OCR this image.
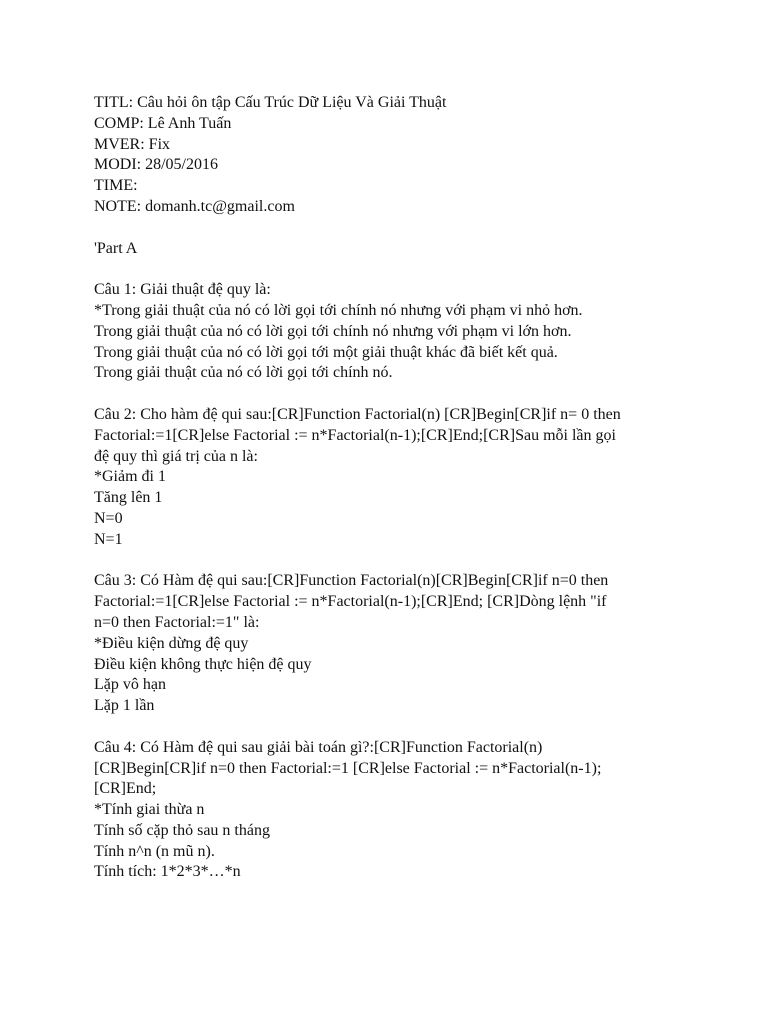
TITL: Câu hỏi ôn tập Cấu Trúc Dữ Liệu Và Giải Thuật
COMP: Lê Anh Tuấn
MVER: Fix
MODI: 28/05/2016
TIME:
NOTE: domanh.tc@gmail.com
'Part A
Câu 1: Giải thuật đệ quy là:
*Trong giải thuật của nó có lời gọi tới chính nó nhưng với phạm vi nhỏ hơn.
Trong giải thuật của nó có lời gọi tới chính nó nhưng với phạm vi lớn hơn.
Trong giải thuật của nó có lời gọi tới một giải thuật khác đã biết kết quả.
Trong giải thuật của nó có lời gọi tới chính nó.
Câu 2: Cho hàm đệ qui sau:[CR]Function Factorial(n) [CR]Begin[CR]if n= 0 then
Factorial:=1[CR]else Factorial := n*Factorial(n-1);[CR]End;[CR]Sau mỗi lần gọi
đệ quy thì giá trị của n là:
*Giảm đi 1
Tăng lên 1
N=0
N=1
Câu 3: Có Hàm đệ qui sau:[CR]Function Factorial(n)[CR]Begin[CR]if n=0 then
Factorial:=1[CR]else Factorial := n*Factorial(n-1);[CR]End; [CR]Dòng lệnh "if
n=0 then Factorial:=1" là:
*Điều kiện dừng đệ quy
Điều kiện không thực hiện đệ quy
Lặp vô hạn
Lặp 1 lần
Câu 4: Có Hàm đệ qui sau giải bài toán gì?:[CR]Function Factorial(n)
[CR]Begin[CR]if n=0 then Factorial:=1 [CR]else Factorial := n*Factorial(n-1);
[CR]End;
*Tính giai thừa n
Tính số cặp thỏ sau n tháng
Tính n^n (n mũ n).
Tính tích: 1*2*3*…*n
